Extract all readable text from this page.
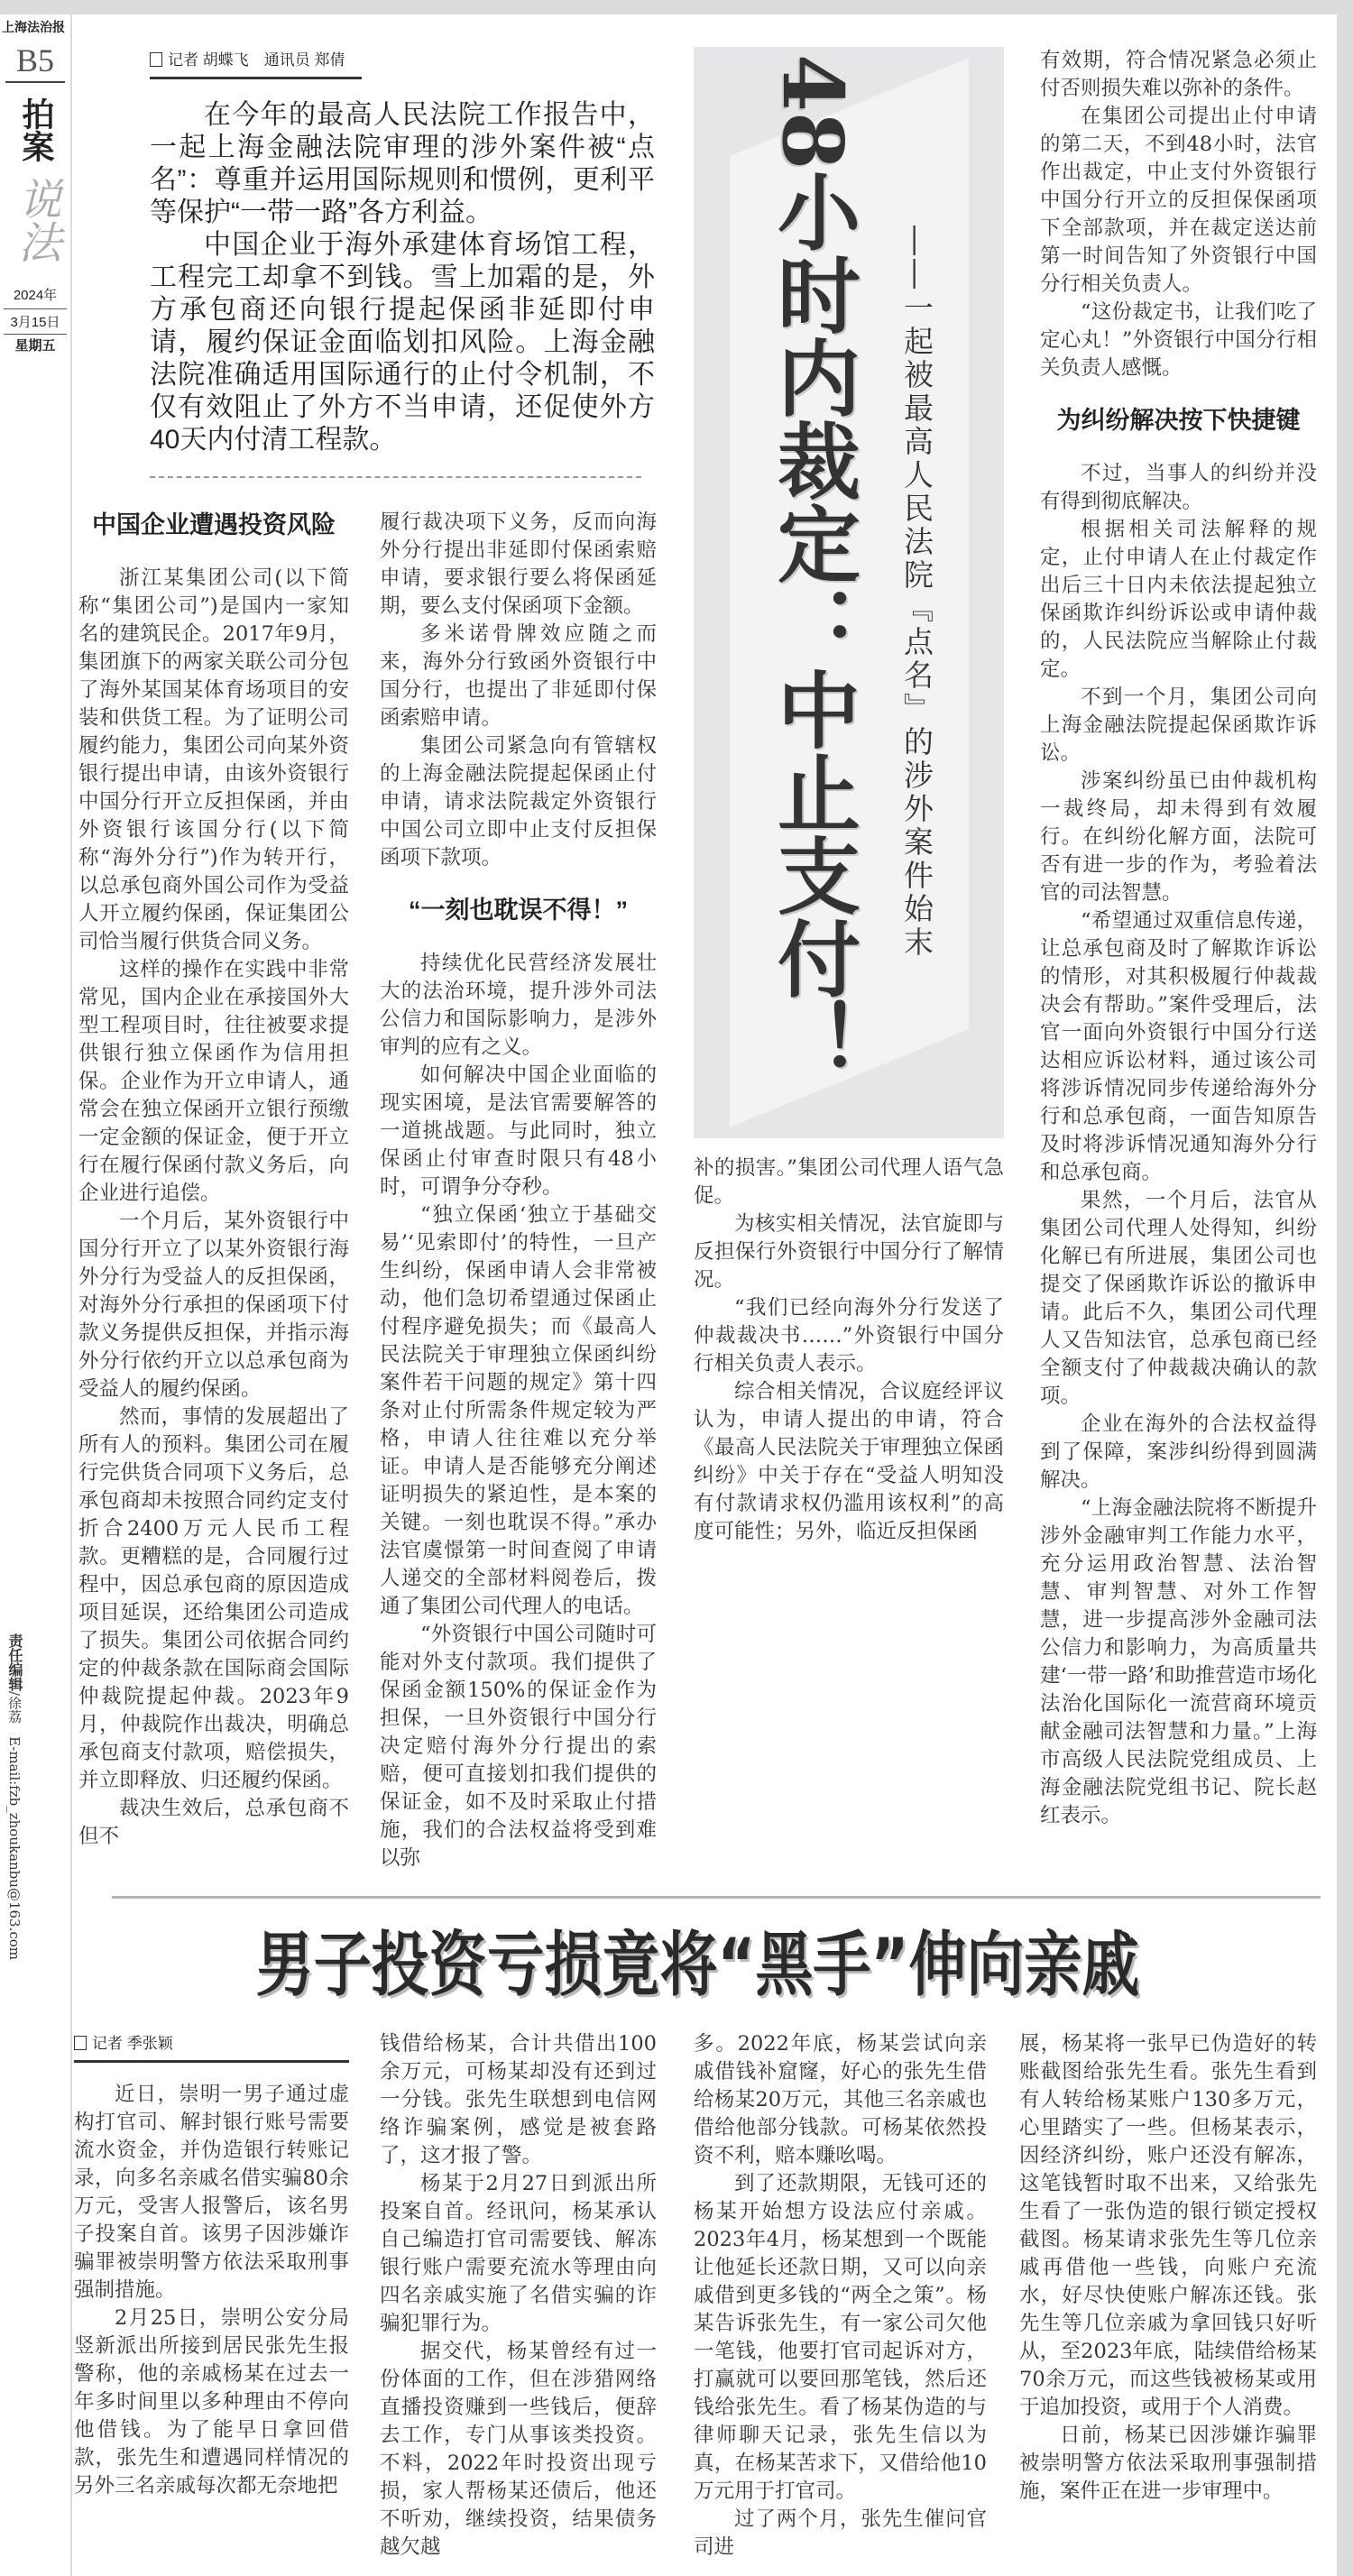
上海法治报
B5
拍案
说法
2024年
3月15日
星期五
责任编辑/徐荔　E-mail:fzb_zhoukanbu@163.com
记者 胡蝶飞　通讯员 郑倩

在今年的最高人民法院工作报告中，一起上海金融法院审理的涉外案件被“点名”：尊重并运用国际规则和惯例，更利平等保护“一带一路”各方利益。

中国企业于海外承建体育场馆工程，工程完工却拿不到钱。雪上加霜的是，外方承包商还向银行提起保函非延即付申请，履约保证金面临划扣风险。上海金融法院准确适用国际通行的止付令机制，不仅有效阻止了外方不当申请，还促使外方40天内付清工程款。

中国企业遭遇投资风险

浙江某集团公司(以下简称“集团公司”)是国内一家知名的建筑民企。2017年9月，集团旗下的两家关联公司分包了海外某国某体育场项目的安装和供货工程。为了证明公司履约能力，集团公司向某外资银行提出申请，由该外资银行中国分行开立反担保函，并由外资银行该国分行(以下简称“海外分行”)作为转开行，以总承包商外国公司作为受益人开立履约保函，保证集团公司恰当履行供货合同义务。

这样的操作在实践中非常常见，国内企业在承接国外大型工程项目时，往往被要求提供银行独立保函作为信用担保。企业作为开立申请人，通常会在独立保函开立银行预缴一定金额的保证金，便于开立行在履行保函付款义务后，向企业进行追偿。

一个月后，某外资银行中国分行开立了以某外资银行海外分行为受益人的反担保函，对海外分行承担的保函项下付款义务提供反担保，并指示海外分行依约开立以总承包商为受益人的履约保函。

然而，事情的发展超出了所有人的预料。集团公司在履行完供货合同项下义务后，总承包商却未按照合同约定支付折合2400万元人民币工程款。更糟糕的是，合同履行过程中，因总承包商的原因造成项目延误，还给集团公司造成了损失。集团公司依据合同约定的仲裁条款在国际商会国际仲裁院提起仲裁。2023年9月，仲裁院作出裁决，明确总承包商支付款项，赔偿损失，并立即释放、归还履约保函。

裁决生效后，总承包商不但不

履行裁决项下义务，反而向海外分行提出非延即付保函索赔申请，要求银行要么将保函延期，要么支付保函项下金额。

多米诺骨牌效应随之而来，海外分行致函外资银行中国分行，也提出了非延即付保函索赔申请。

集团公司紧急向有管辖权的上海金融法院提起保函止付申请，请求法院裁定外资银行中国公司立即中止支付反担保函项下款项。

“一刻也耽误不得！”

持续优化民营经济发展壮大的法治环境，提升涉外司法公信力和国际影响力，是涉外审判的应有之义。

如何解决中国企业面临的现实困境，是法官需要解答的一道挑战题。与此同时，独立保函止付审查时限只有48小时，可谓争分夺秒。

“独立保函‘独立于基础交易’‘见索即付’的特性，一旦产生纠纷，保函申请人会非常被动，他们急切希望通过保函止付程序避免损失；而《最高人民法院关于审理独立保函纠纷案件若干问题的规定》第十四条对止付所需条件规定较为严格，申请人往往难以充分举证。申请人是否能够充分阐述证明损失的紧迫性，是本案的关键。一刻也耽误不得。”承办法官虞憬第一时间查阅了申请人递交的全部材料阅卷后，拨通了集团公司代理人的电话。

“外资银行中国公司随时可能对外支付款项。我们提供了保函金额150%的保证金作为担保，一旦外资银行中国分行决定赔付海外分行提出的索赔，便可直接划扣我们提供的保证金，如不及时采取止付措施，我们的合法权益将受到难以弥

48小时内裁定：中止支付！ ——一起被最高人民法院『点名』的涉外案件始末

补的损害。”集团公司代理人语气急促。

为核实相关情况，法官旋即与反担保行外资银行中国分行了解情况。

“我们已经向海外分行发送了仲裁裁决书……”外资银行中国分行相关负责人表示。

综合相关情况，合议庭经评议认为，申请人提出的申请，符合《最高人民法院关于审理独立保函纠纷》中关于存在“受益人明知没有付款请求权仍滥用该权利”的高度可能性；另外，临近反担保函

有效期，符合情况紧急必须止付否则损失难以弥补的条件。

在集团公司提出止付申请的第二天，不到48小时，法官作出裁定，中止支付外资银行中国分行开立的反担保保函项下全部款项，并在裁定送达前第一时间告知了外资银行中国分行相关负责人。

“这份裁定书，让我们吃了定心丸！”外资银行中国分行相关负责人感慨。

为纠纷解决按下快捷键

不过，当事人的纠纷并没有得到彻底解决。

根据相关司法解释的规定，止付申请人在止付裁定作出后三十日内未依法提起独立保函欺诈纠纷诉讼或申请仲裁的，人民法院应当解除止付裁定。

不到一个月，集团公司向上海金融法院提起保函欺诈诉讼。

涉案纠纷虽已由仲裁机构一裁终局，却未得到有效履行。在纠纷化解方面，法院可否有进一步的作为，考验着法官的司法智慧。

“希望通过双重信息传递，让总承包商及时了解欺诈诉讼的情形，对其积极履行仲裁裁决会有帮助。”案件受理后，法官一面向外资银行中国分行送达相应诉讼材料，通过该公司将涉诉情况同步传递给海外分行和总承包商，一面告知原告及时将涉诉情况通知海外分行和总承包商。

果然，一个月后，法官从集团公司代理人处得知，纠纷化解已有所进展，集团公司也提交了保函欺诈诉讼的撤诉申请。此后不久，集团公司代理人又告知法官，总承包商已经全额支付了仲裁裁决确认的款项。

企业在海外的合法权益得到了保障，案涉纠纷得到圆满解决。

“上海金融法院将不断提升涉外金融审判工作能力水平，充分运用政治智慧、法治智慧、审判智慧、对外工作智慧，进一步提高涉外金融司法公信力和影响力，为高质量共建‘一带一路’和助推营造市场化法治化国际化一流营商环境贡献金融司法智慧和力量。”上海市高级人民法院党组成员、上海金融法院党组书记、院长赵红表示。

男子投资亏损竟将“黑手”伸向亲戚
记者 季张颖

近日，崇明一男子通过虚构打官司、解封银行账号需要流水资金，并伪造银行转账记录，向多名亲戚名借实骗80余万元，受害人报警后，该名男子投案自首。该男子因涉嫌诈骗罪被崇明警方依法采取刑事强制措施。

2月25日，崇明公安分局竖新派出所接到居民张先生报警称，他的亲戚杨某在过去一年多时间里以多种理由不停向他借钱。为了能早日拿回借款，张先生和遭遇同样情况的另外三名亲戚每次都无奈地把

钱借给杨某，合计共借出100余万元，可杨某却没有还到过一分钱。张先生联想到电信网络诈骗案例，感觉是被套路了，这才报了警。

杨某于2月27日到派出所投案自首。经讯问，杨某承认自己编造打官司需要钱、解冻银行账户需要充流水等理由向四名亲戚实施了名借实骗的诈骗犯罪行为。

据交代，杨某曾经有过一份体面的工作，但在涉猎网络直播投资赚到一些钱后，便辞去工作，专门从事该类投资。不料，2022年时投资出现亏损，家人帮杨某还债后，他还不听劝，继续投资，结果债务越欠越

多。2022年底，杨某尝试向亲戚借钱补窟窿，好心的张先生借给杨某20万元，其他三名亲戚也借给他部分钱款。可杨某依然投资不利，赔本赚吆喝。

到了还款期限，无钱可还的杨某开始想方设法应付亲戚。2023年4月，杨某想到一个既能让他延长还款日期，又可以向亲戚借到更多钱的“两全之策”。杨某告诉张先生，有一家公司欠他一笔钱，他要打官司起诉对方，打赢就可以要回那笔钱，然后还钱给张先生。看了杨某伪造的与律师聊天记录，张先生信以为真，在杨某苦求下，又借给他10万元用于打官司。

过了两个月，张先生催问官司进

展，杨某将一张早已伪造好的转账截图给张先生看。张先生看到有人转给杨某账户130多万元，心里踏实了一些。但杨某表示，因经济纠纷，账户还没有解冻，这笔钱暂时取不出来，又给张先生看了一张伪造的银行锁定授权截图。杨某请求张先生等几位亲戚再借他一些钱，向账户充流水，好尽快使账户解冻还钱。张先生等几位亲戚为拿回钱只好听从，至2023年底，陆续借给杨某70余万元，而这些钱被杨某或用于追加投资，或用于个人消费。

日前，杨某已因涉嫌诈骗罪被崇明警方依法采取刑事强制措施，案件正在进一步审理中。
